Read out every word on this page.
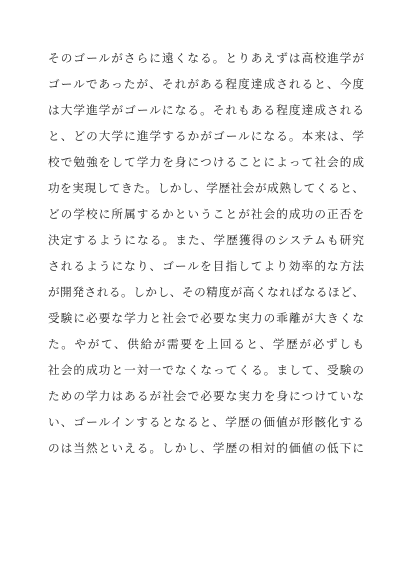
そのゴールがさらに遠くなる。とりあえずは高校進学が
ゴールであったが、それがある程度達成されると、今度
は大学進学がゴールになる。それもある程度達成される
と、どの大学に進学するかがゴールになる。本来は、学
校で勉強をして学力を身につけることによって社会的成
功を実現してきた。しかし、学歴社会が成熟してくると、
どの学校に所属するかということが社会的成功の正否を
決定するようになる。また、学歴獲得のシステムも研究
されるようになり、ゴールを目指してより効率的な方法
が開発される。しかし、その精度が高くなればなるほど、
受験に必要な学力と社会で必要な実力の乖離が大きくな
た。やがて、供給が需要を上回ると、学歴が必ずしも
社会的成功と一対一でなくなってくる。まして、受験の
ための学力はあるが社会で必要な実力を身につけていな
い、ゴールインするとなると、学歴の価値が形骸化する
のは当然といえる。しかし、学歴の相対的価値の低下に
